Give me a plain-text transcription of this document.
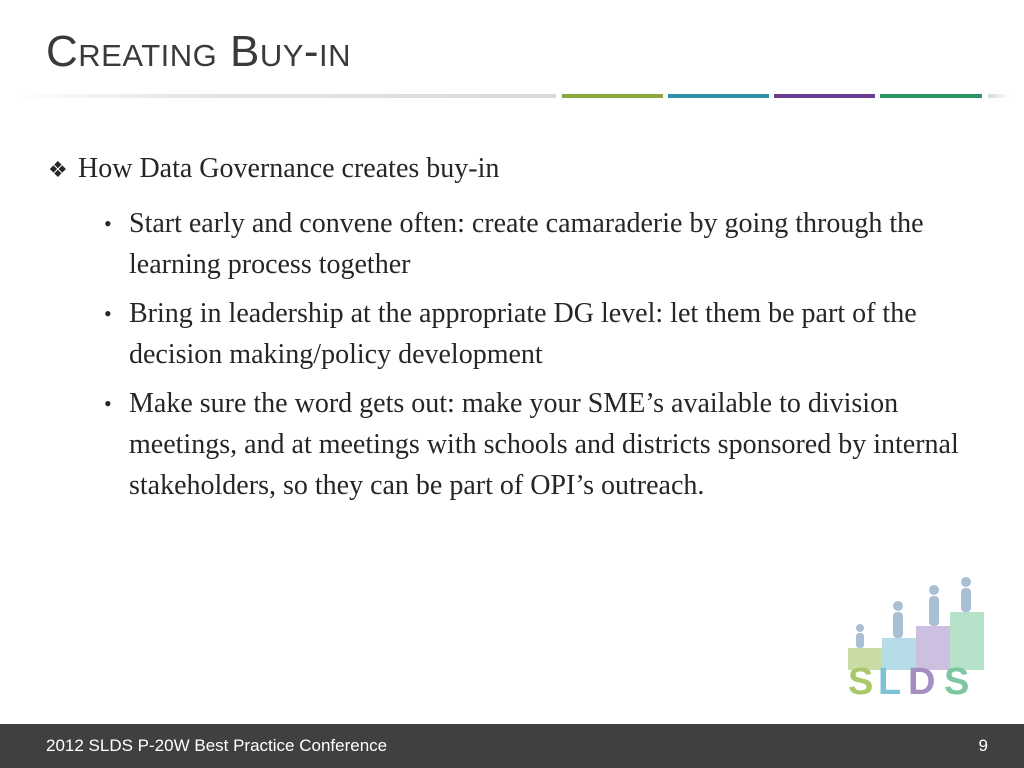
Creating Buy-in

❖ How Data Governance creates buy-in

• Start early and convene often: create camaraderie by going through the learning process together
• Bring in leadership at the appropriate DG level: let them be part of the decision making/policy development
• Make sure the word gets out: make your SME’s available to division meetings, and at meetings with schools and districts sponsored by internal stakeholders, so they can be part of OPI’s outreach.
S L D S
2012 SLDS P-20W Best Practice Conference	9
